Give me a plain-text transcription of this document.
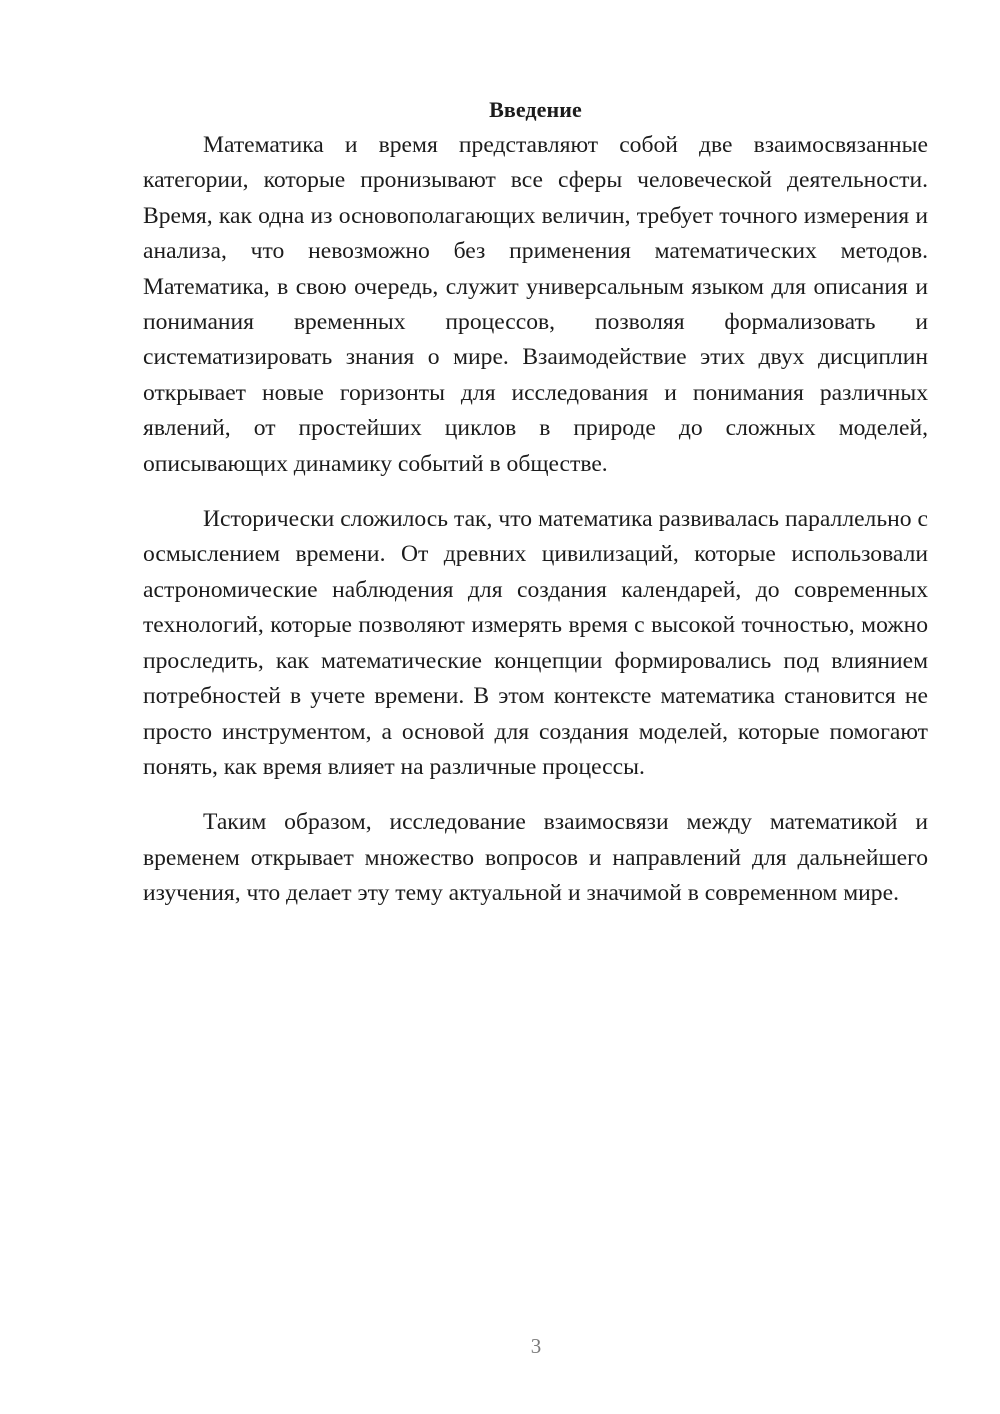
Введение

Математика и время представляют собой две взаимосвязанные категории, которые пронизывают все сферы человеческой деятельности. Время, как одна из основополагающих величин, требует точного измерения и анализа, что невозможно без применения математических методов. Математика, в свою очередь, служит универсальным языком для описания и понимания временных процессов, позволяя формализовать и систематизировать знания о мире. Взаимодействие этих двух дисциплин открывает новые горизонты для исследования и понимания различных явлений, от простейших циклов в природе до сложных моделей, описывающих динамику событий в обществе.

Исторически сложилось так, что математика развивалась параллельно с осмыслением времени. От древних цивилизаций, которые использовали астрономические наблюдения для создания календарей, до современных технологий, которые позволяют измерять время с высокой точностью, можно проследить, как математические концепции формировались под влиянием потребностей в учете времени. В этом контексте математика становится не просто инструментом, а основой для создания моделей, которые помогают понять, как время влияет на различные процессы.

Таким образом, исследование взаимосвязи между математикой и временем открывает множество вопросов и направлений для дальнейшего изучения, что делает эту тему актуальной и значимой в современном мире.

3
